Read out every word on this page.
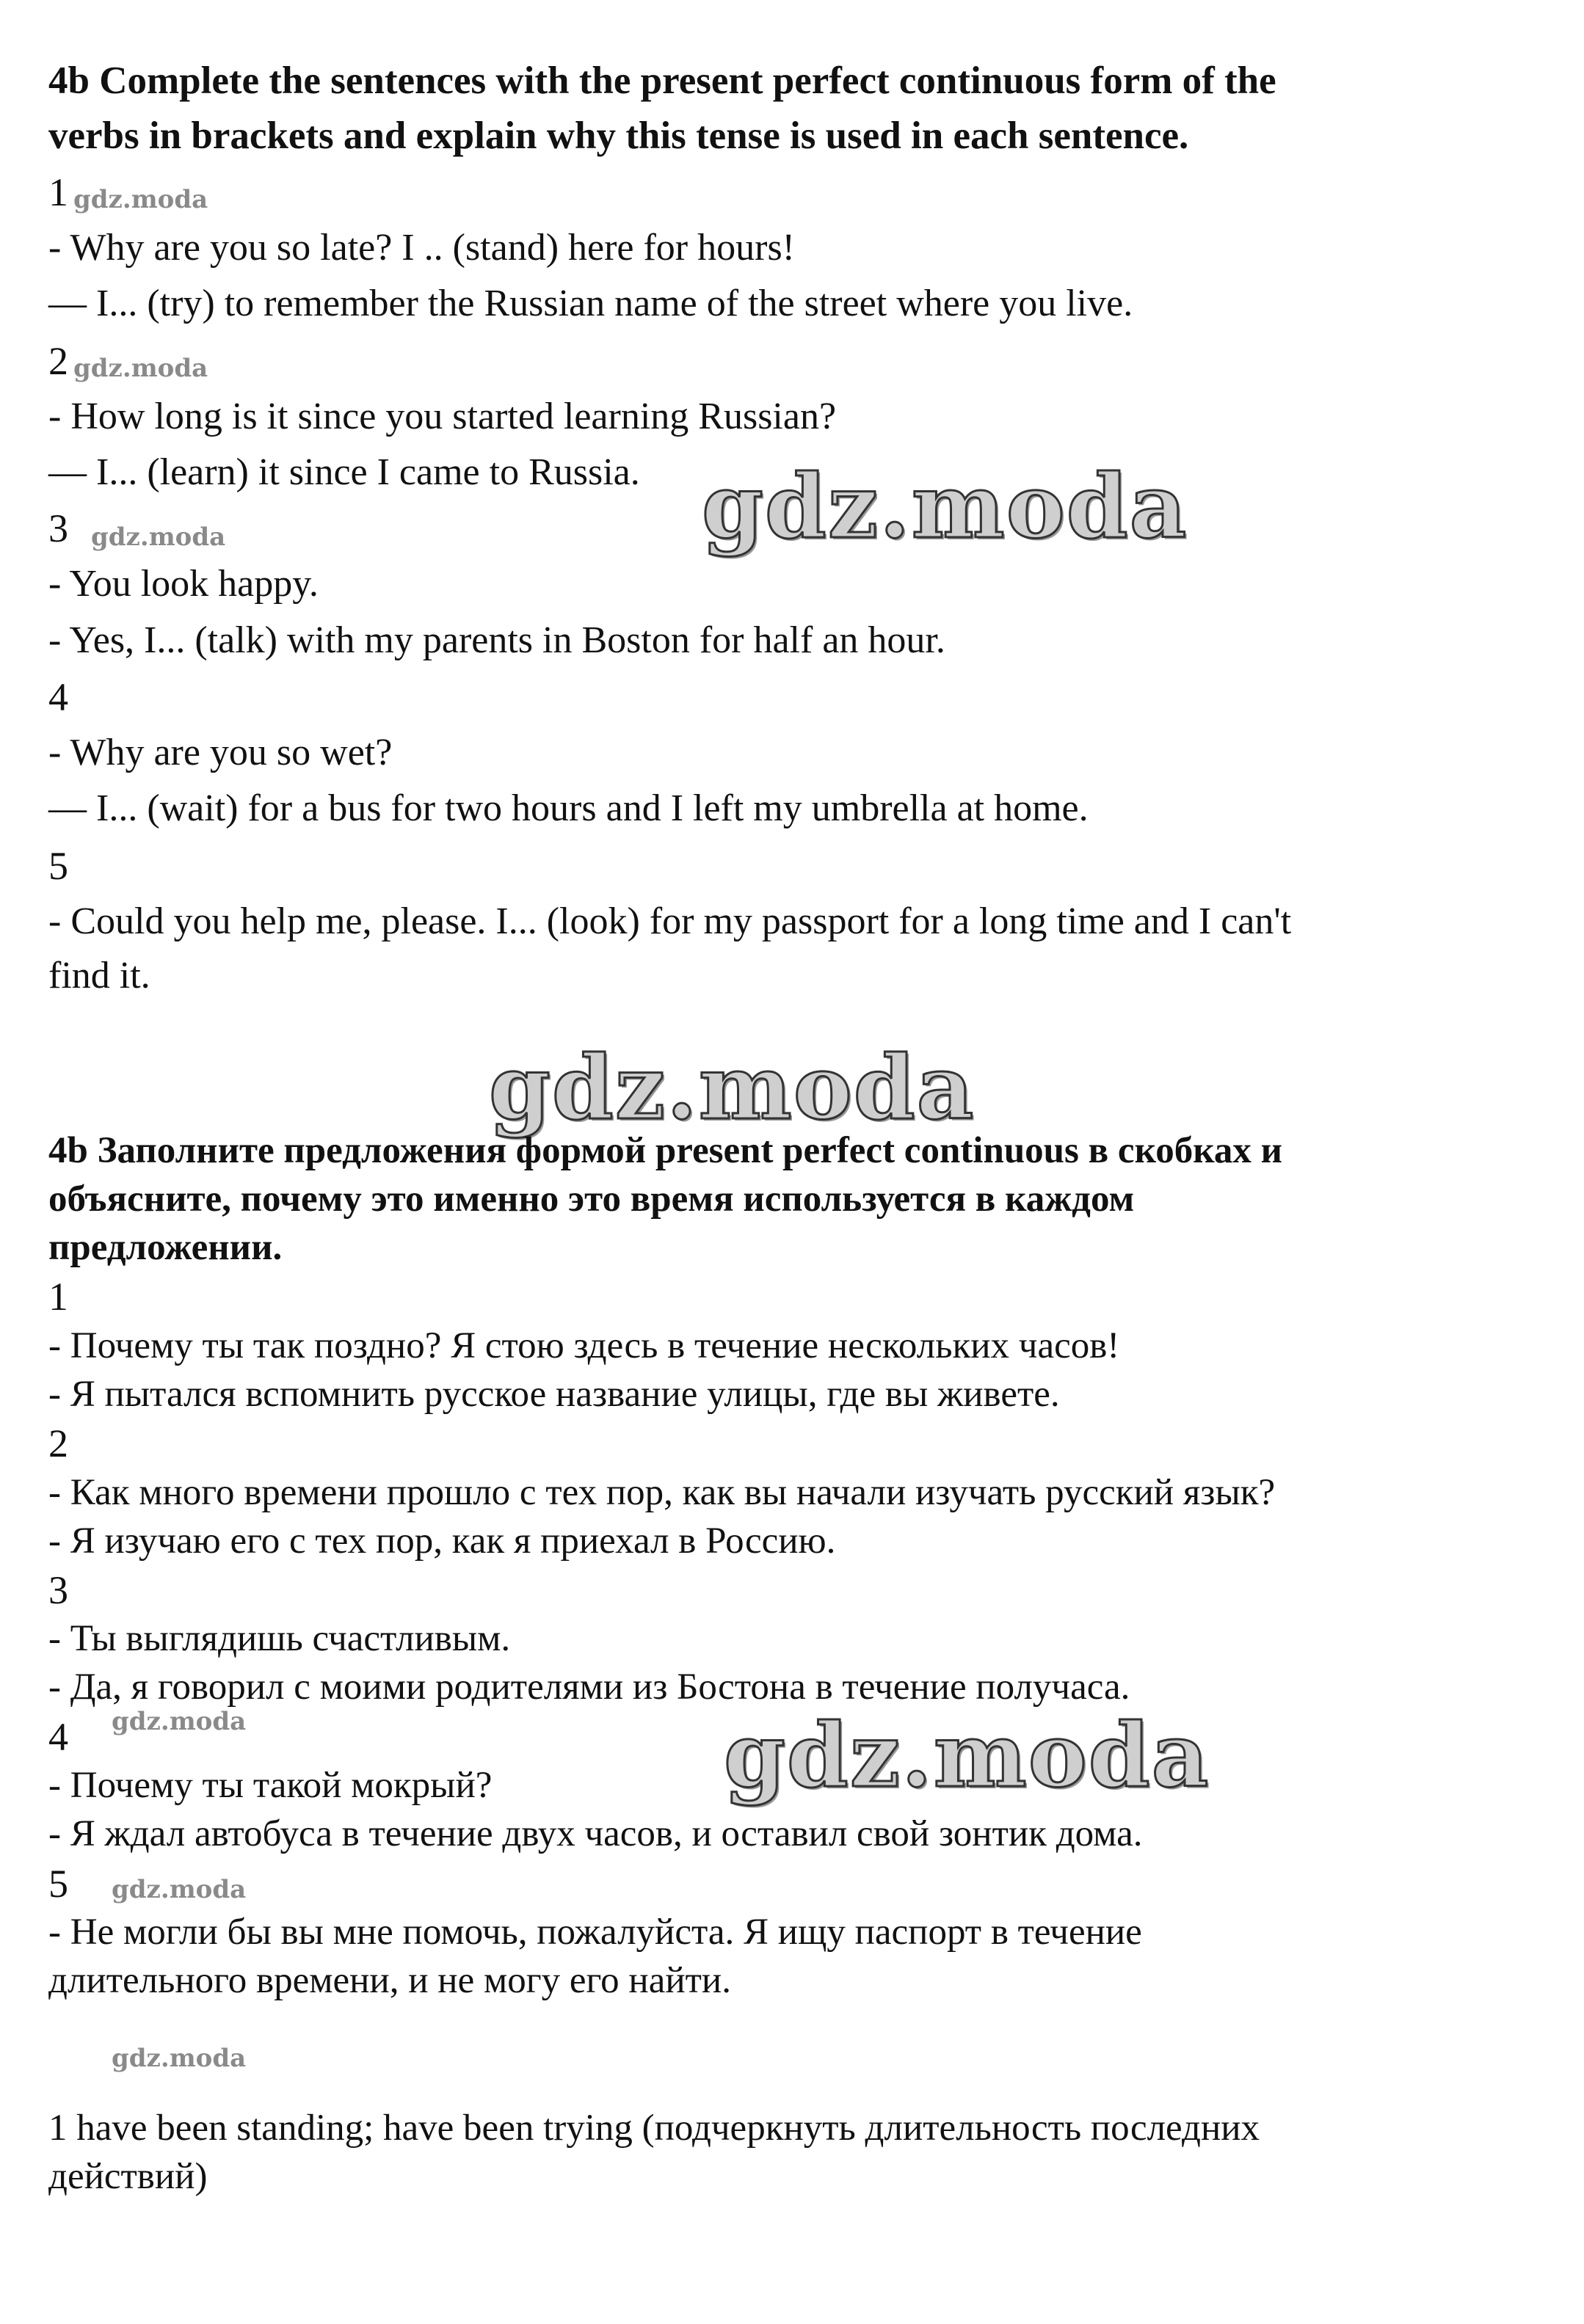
4b Complete the sentences with the present perfect continuous form of the
verbs in brackets and explain why this tense is used in each sentence.
1 gdz.moda
- Why are you so late? I .. (stand) here for hours!
— I... (try) to remember the Russian name of the street where you live.
2 gdz.moda
- How long is it since you started learning Russian?
— I... (learn) it since I came to Russia. gdz.moda
3 gdz.moda
- You look happy.
- Yes, I... (talk) with my parents in Boston for half an hour.
4
- Why are you so wet?
— I... (wait) for a bus for two hours and I left my umbrella at home.
5
- Could you help me, please. I... (look) for my passport for a long time and I can't
find it.
gdz.moda
4b Заполните предложения формой present perfect continuous в скобках и
объясните, почему это именно это время используется в каждом
предложении.
1
- Почему ты так поздно? Я стою здесь в течение нескольких часов!
- Я пытался вспомнить русское название улицы, где вы живете.
2
- Как много времени прошло с тех пор, как вы начали изучать русский язык?
- Я изучаю его с тех пор, как я приехал в Россию.
3
- Ты выглядишь счастливым.
- Да, я говорил с моими родителями из Бостона в течение получаса.
4 gdz.moda	gdz.moda
- Почему ты такой мокрый?
- Я ждал автобуса в течение двух часов, и оставил свой зонтик дома.
5 gdz.moda
- Не могли бы вы мне помочь, пожалуйста. Я ищу паспорт в течение
длительного времени, и не могу его найти.
gdz.moda
1 have been standing; have been trying (подчеркнуть длительность последних
действий)
